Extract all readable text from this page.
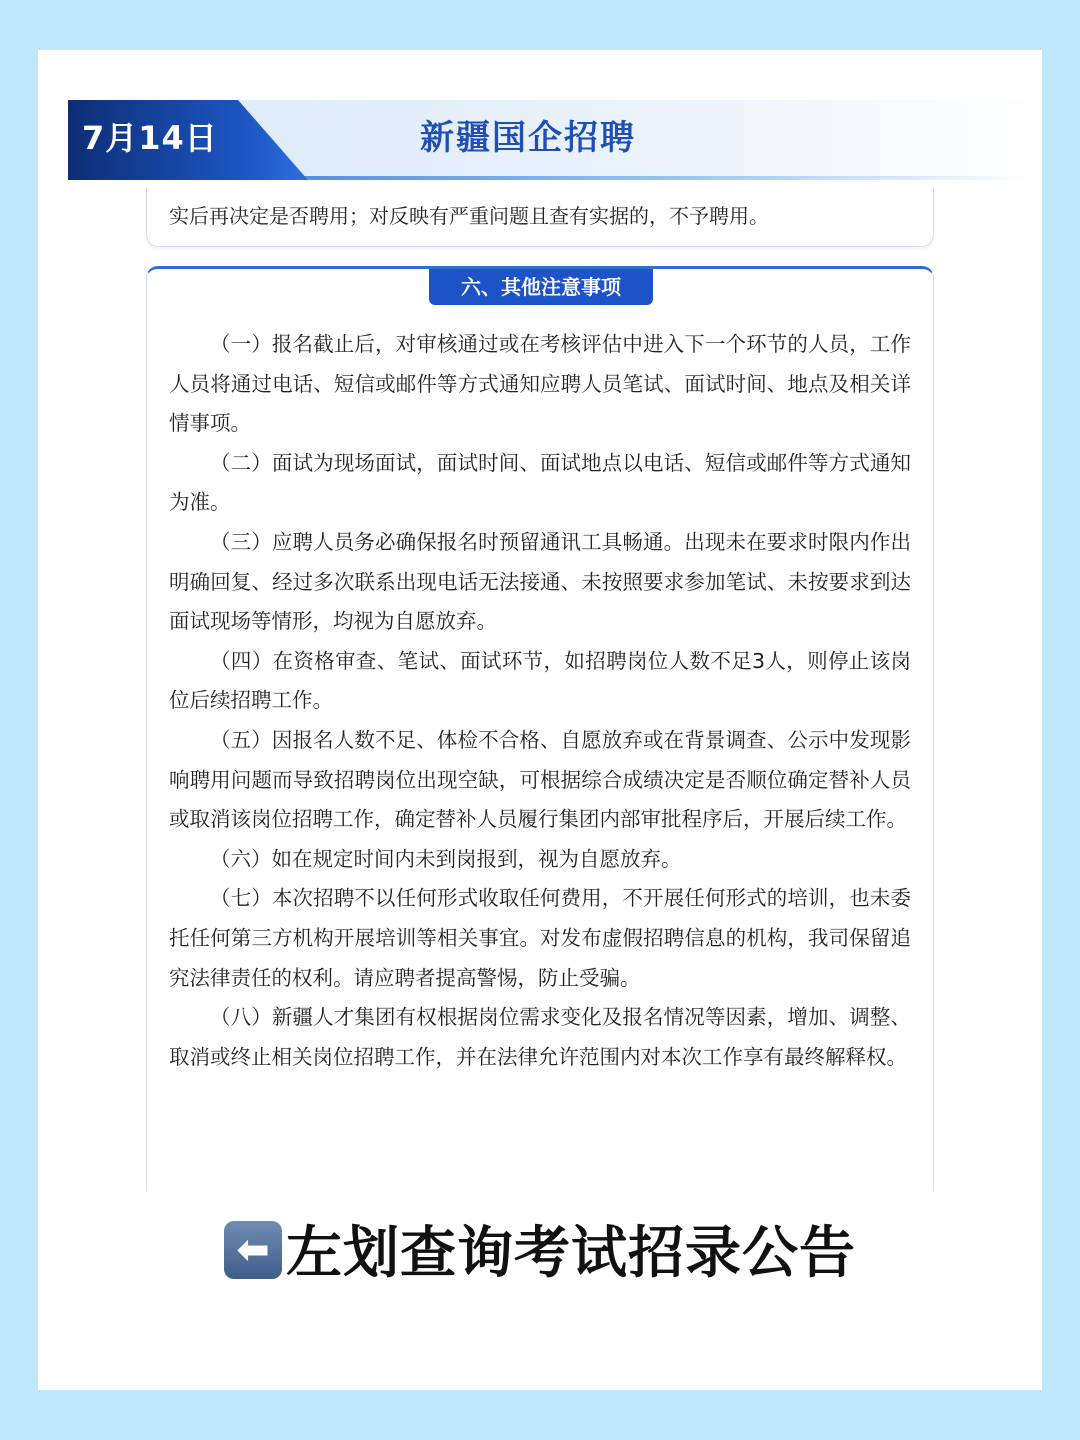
7月14日	新疆国企招聘
实后再决定是否聘用；对反映有严重问题且查有实据的，不予聘用。
六、其他注意事项

（一）报名截止后，对审核通过或在考核评估中进入下一个环节的人员，工作人员将通过电话、短信或邮件等方式通知应聘人员笔试、面试时间、地点及相关详情事项。

（二）面试为现场面试，面试时间、面试地点以电话、短信或邮件等方式通知为准。

（三）应聘人员务必确保报名时预留通讯工具畅通。出现未在要求时限内作出明确回复、经过多次联系出现电话无法接通、未按照要求参加笔试、未按要求到达面试现场等情形，均视为自愿放弃。

（四）在资格审查、笔试、面试环节，如招聘岗位人数不足3人，则停止该岗位后续招聘工作。

（五）因报名人数不足、体检不合格、自愿放弃或在背景调查、公示中发现影响聘用问题而导致招聘岗位出现空缺，可根据综合成绩决定是否顺位确定替补人员或取消该岗位招聘工作，确定替补人员履行集团内部审批程序后，开展后续工作。

（六）如在规定时间内未到岗报到，视为自愿放弃。

（七）本次招聘不以任何形式收取任何费用，不开展任何形式的培训，也未委托任何第三方机构开展培训等相关事宜。对发布虚假招聘信息的机构，我司保留追究法律责任的权利。请应聘者提高警惕，防止受骗。

（八）新疆人才集团有权根据岗位需求变化及报名情况等因素，增加、调整、取消或终止相关岗位招聘工作，并在法律允许范围内对本次工作享有最终解释权。

⬅ 左划查询考试招录公告
